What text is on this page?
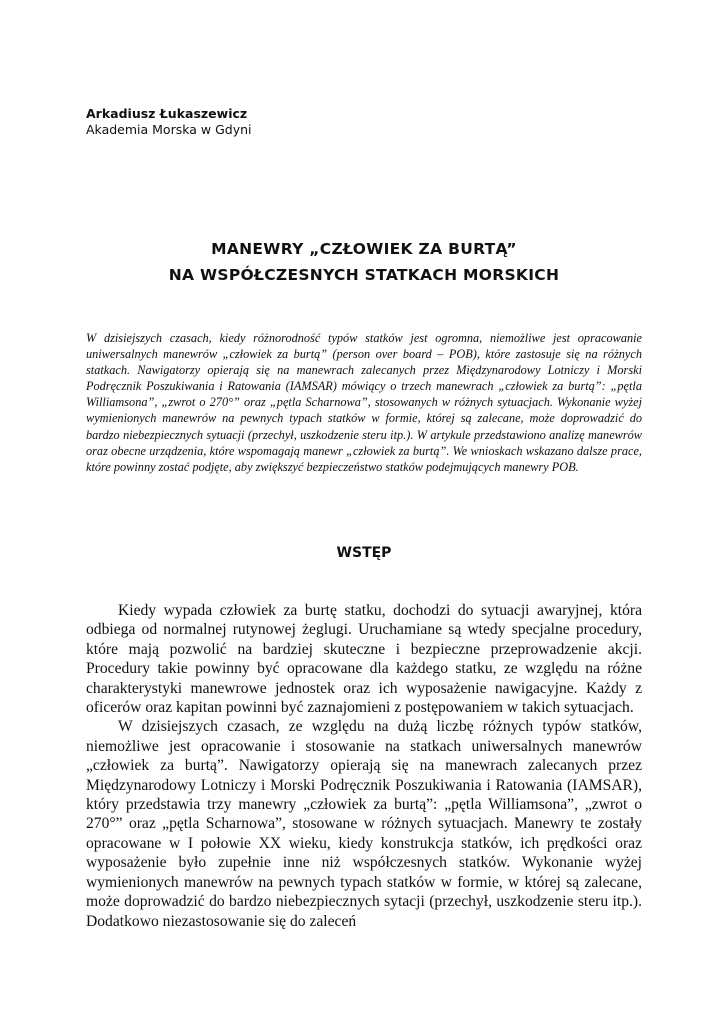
Arkadiusz Łukaszewicz
Akademia Morska w Gdyni
MANEWRY „CZŁOWIEK ZA BURTĄ”
NA WSPÓŁCZESNYCH STATKACH MORSKICH
W dzisiejszych czasach, kiedy różnorodność typów statków jest ogromna, niemożliwe jest opracowanie uniwersalnych manewrów „człowiek za burtą” (person over board – POB), które zastosuje się na różnych statkach. Nawigatorzy opierają się na manewrach zalecanych przez Międzynarodowy Lotniczy i Morski Podręcznik Poszukiwania i Ratowania (IAMSAR) mówiący o trzech manewrach „człowiek za burtą”: „pętla Williamsona”, „zwrot o 270°” oraz „pętla Scharnowa”, stosowanych w różnych sytuacjach. Wykonanie wyżej wymienionych manewrów na pewnych typach statków w formie, której są zalecane, może doprowadzić do bardzo niebezpiecznych sytuacji (przechył, uszkodzenie steru itp.). W artykule przedstawiono analizę manewrów oraz obecne urządzenia, które wspomagają manewr „człowiek za burtą”. We wnioskach wskazano dalsze prace, które powinny zostać podjęte, aby zwiększyć bezpieczeństwo statków podejmujących manewry POB.
WSTĘP

Kiedy wypada człowiek za burtę statku, dochodzi do sytuacji awaryjnej, która odbiega od normalnej rutynowej żeglugi. Uruchamiane są wtedy specjalne procedury, które mają pozwolić na bardziej skuteczne i bezpieczne przeprowadzenie akcji. Procedury takie powinny być opracowane dla każdego statku, ze względu na różne charakterystyki manewrowe jednostek oraz ich wyposażenie nawigacyjne. Każdy z oficerów oraz kapitan powinni być zaznajomieni z postępowaniem w takich sytuacjach.

W dzisiejszych czasach, ze względu na dużą liczbę różnych typów statków, niemożliwe jest opracowanie i stosowanie na statkach uniwersalnych manewrów „człowiek za burtą”. Nawigatorzy opierają się na manewrach zalecanych przez Międzynarodowy Lotniczy i Morski Podręcznik Poszukiwania i Ratowania (IAMSAR), który przedstawia trzy manewry „człowiek za burtą”: „pętla Williamsona”, „zwrot o 270°” oraz „pętla Scharnowa”, stosowane w różnych sytuacjach. Manewry te zostały opracowane w I połowie XX wieku, kiedy konstrukcja statków, ich prędkości oraz wyposażenie było zupełnie inne niż współczesnych statków. Wykonanie wyżej wymienionych manewrów na pewnych typach statków w formie, w której są zalecane, może doprowadzić do bardzo niebezpiecznych sytacji (przechył, uszkodzenie steru itp.). Dodatkowo niezastosowanie się do zaleceń
